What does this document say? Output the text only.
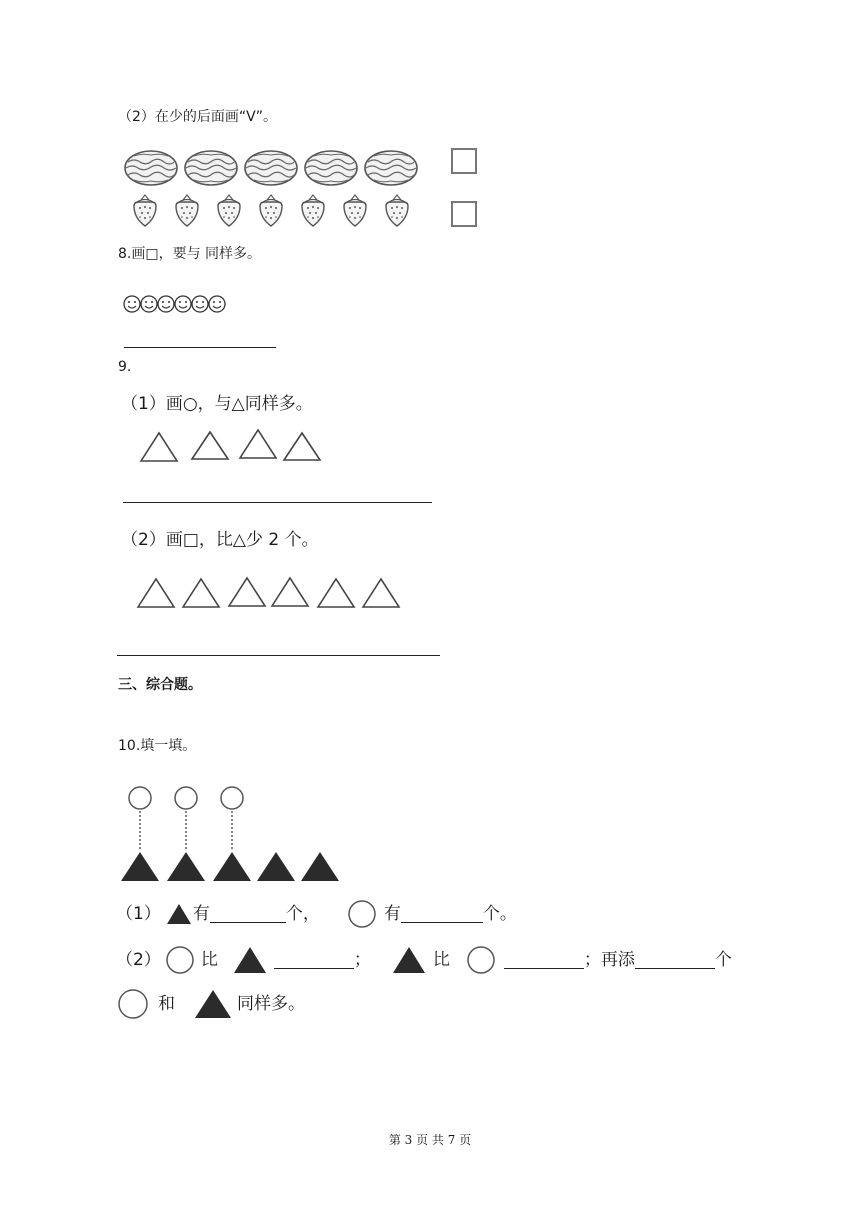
（2）在少的后面画“V”。
8.画□，要与 同样多。
9.
（1）画○，与△同样多。
（2）画□，比△少 2 个。
三、综合题。
10.填一填。
（1） 有	个，	有	个。
（2） 比	；	比	；再添	个
和	同样多。
第 3 页 共 7 页
